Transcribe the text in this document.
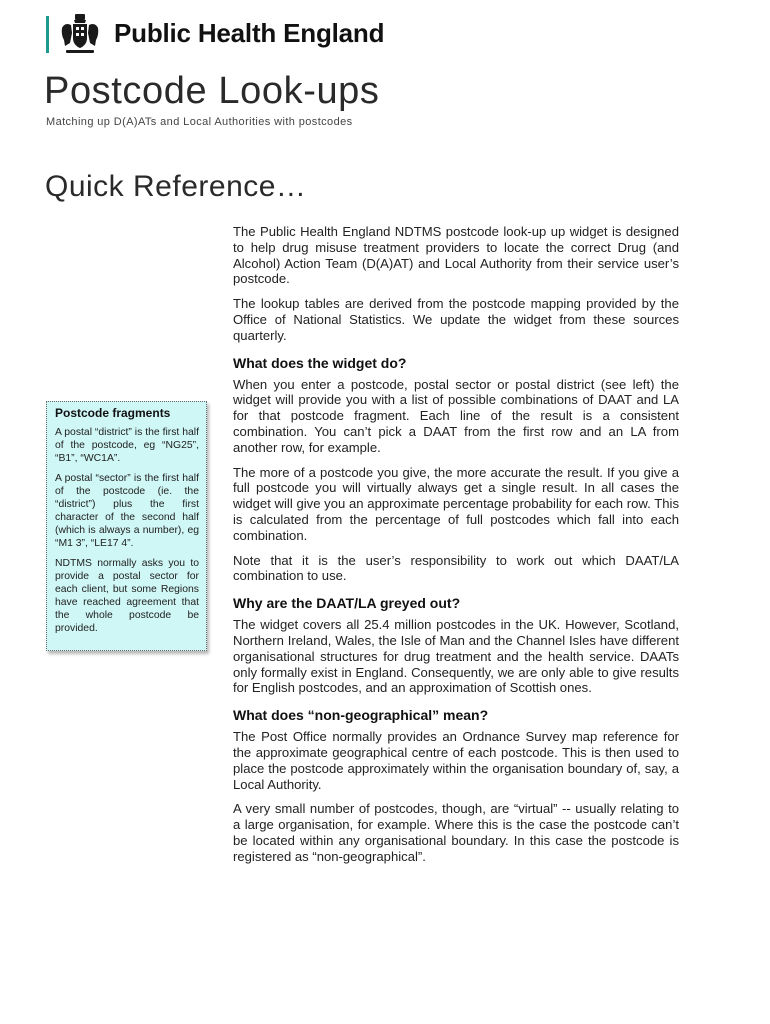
Public Health England
Postcode Look-ups

Matching up D(A)ATs and Local Authorities with postcodes

Quick Reference…

The Public Health England NDTMS postcode look-up up widget is designed to help drug misuse treatment providers to locate the correct Drug (and Alcohol) Action Team (D(A)AT) and Local Authority from their service user’s postcode.

The lookup tables are derived from the postcode mapping provided by the Office of National Statistics. We update the widget from these sources quarterly.

What does the widget do?

When you enter a postcode, postal sector or postal district (see left) the widget will provide you with a list of possible combinations of DAAT and LA for that postcode fragment. Each line of the result is a consistent combination. You can’t pick a DAAT from the first row and an LA from another row, for example.

The more of a postcode you give, the more accurate the result. If you give a full postcode you will virtually always get a single result. In all cases the widget will give you an approximate percentage probability for each row. This is calculated from the percentage of full postcodes which fall into each combination.

Note that it is the user’s responsibility to work out which DAAT/LA combination to use.

Why are the DAAT/LA greyed out?

The widget covers all 25.4 million postcodes in the UK. However, Scotland, Northern Ireland, Wales, the Isle of Man and the Channel Isles have different organisational structures for drug treatment and the health service. DAATs only formally exist in England. Consequently, we are only able to give results for English postcodes, and an approximation of Scottish ones.

What does “non-geographical” mean?

The Post Office normally provides an Ordnance Survey map reference for the approximate geographical centre of each postcode. This is then used to place the postcode approximately within the organisation boundary of, say, a Local Authority.

A very small number of postcodes, though, are “virtual” -- usually relating to a large organisation, for example. Where this is the case the postcode can’t be located within any organisational boundary. In this case the postcode is registered as “non-geographical”.

Postcode fragments

A postal “district” is the first half of the postcode, eg “NG25”, “B1”, “WC1A”.

A postal “sector” is the first half of the postcode (ie. the “district”) plus the first character of the second half (which is always a number), eg “M1 3”, “LE17 4”.

NDTMS normally asks you to provide a postal sector for each client, but some Regions have reached agreement that the whole postcode be provided.
